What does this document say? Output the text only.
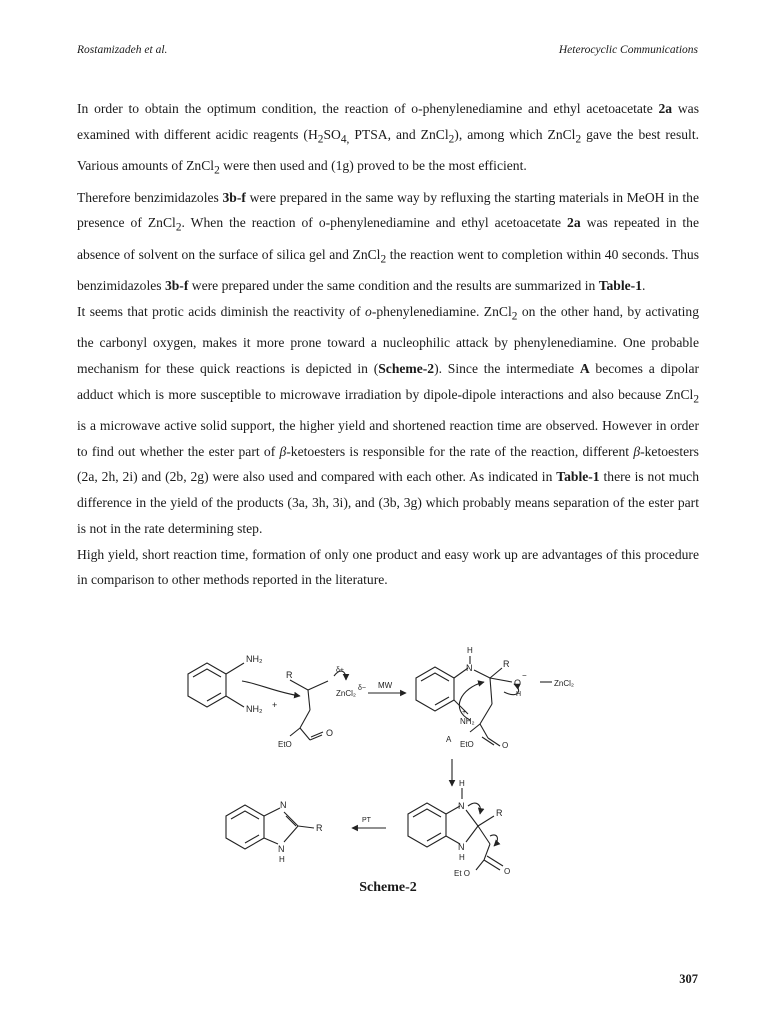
Rostamizadeh et al.	Heterocyclic Communications

In order to obtain the optimum condition, the reaction of o-phenylenediamine and ethyl acetoacetate 2a was examined with different acidic reagents ($H_2SO_{4,}$ PTSA, and ZnCl$_2$), among which ZnCl$_2$ gave the best result. Various amounts of ZnCl$_2$ were then used and (1g) proved to be the most efficient.

Therefore benzimidazoles 3b-f were prepared in the same way by refluxing the starting materials in MeOH in the presence of ZnCl$_2$. When the reaction of o-phenylenediamine and ethyl acetoacetate 2a was repeated in the absence of solvent on the surface of silica gel and ZnCl$_2$ the reaction went to completion within 40 seconds. Thus benzimidazoles 3b-f were prepared under the same condition and the results are summarized in Table-1.

It seems that protic acids diminish the reactivity of o-phenylenediamine. ZnCl$_2$ on the other hand, by activating the carbonyl oxygen, makes it more prone toward a nucleophilic attack by phenylenediamine. One probable mechanism for these quick reactions is depicted in (Scheme-2). Since the intermediate A becomes a dipolar adduct which is more susceptible to microwave irradiation by dipole-dipole interactions and also because ZnCl$_2$ is a microwave active solid support, the higher yield and shortened reaction time are observed. However in order to find out whether the ester part of β-ketoesters is responsible for the rate of the reaction, different β-ketoesters (2a, 2h, 2i) and (2b, 2g) were also used and compared with each other. As indicated in Table-1 there is not much difference in the yield of the products (3a, 3h, 3i), and (3b, 3g) which probably means separation of the ester part is not in the rate determining step.

High yield, short reaction time, formation of only one product and easy work up are advantages of this procedure in comparison to other methods reported in the literature.

NH₂
NH₂
R
+
δ+
ZnCl₂
δ−
O
EtO
MW
H
N	R
O
−
ZnCl₂
H
NH₂
+
A
EtO	O
N
R
N
H
PT
H
N
R
N
H
Et O	O
Scheme-2
307
